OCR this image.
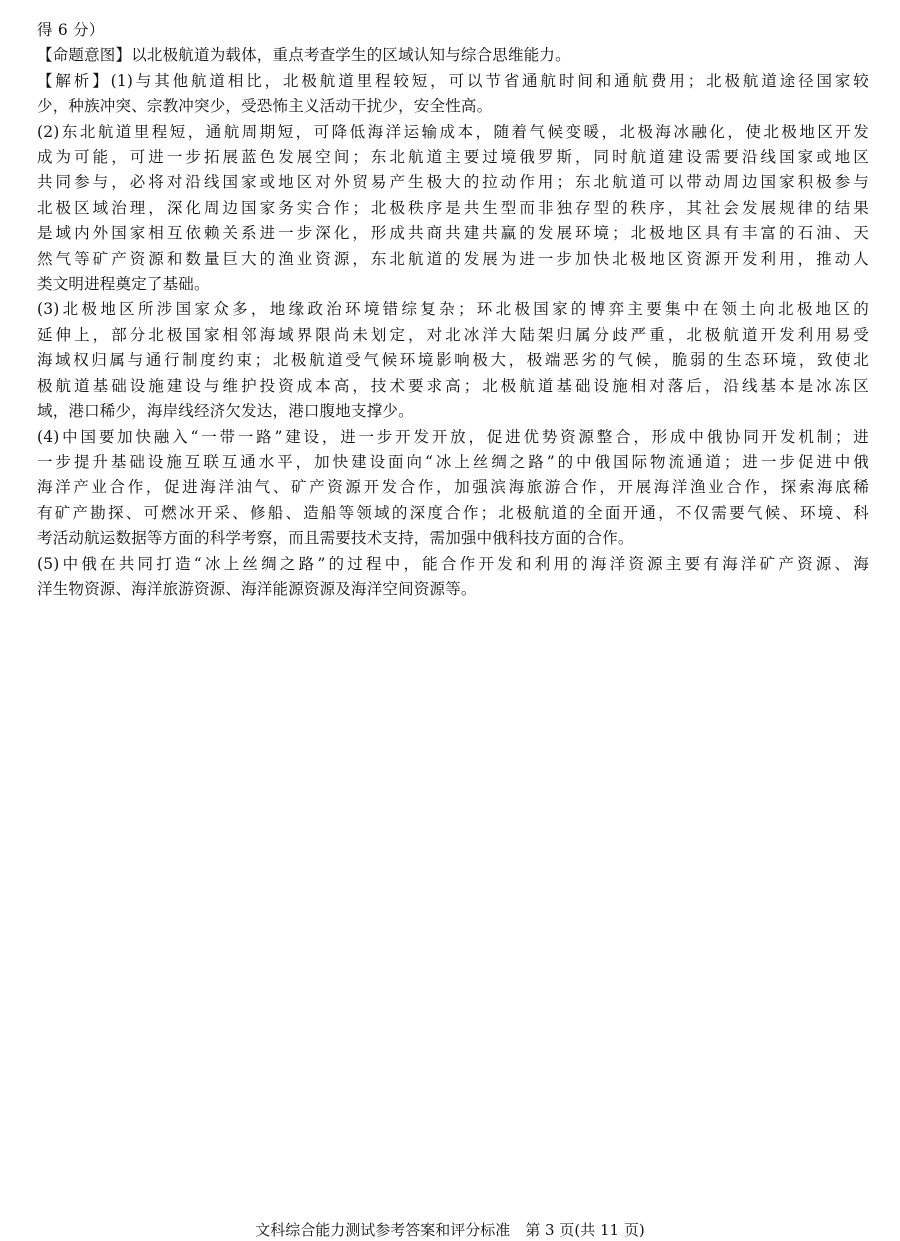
得 6 分）
【命题意图】以北极航道为载体，重点考查学生的区域认知与综合思维能力。
【解析】(1)与其他航道相比，北极航道里程较短，可以节省通航时间和通航费用；北极航道途径国家较
少，种族冲突、宗教冲突少，受恐怖主义活动干扰少，安全性高。
(2)东北航道里程短，通航周期短，可降低海洋运输成本，随着气候变暖，北极海冰融化，使北极地区开发
成为可能，可进一步拓展蓝色发展空间；东北航道主要过境俄罗斯，同时航道建设需要沿线国家或地区
共同参与，必将对沿线国家或地区对外贸易产生极大的拉动作用；东北航道可以带动周边国家积极参与
北极区域治理，深化周边国家务实合作；北极秩序是共生型而非独存型的秩序，其社会发展规律的结果
是域内外国家相互依赖关系进一步深化，形成共商共建共赢的发展环境；北极地区具有丰富的石油、天
然气等矿产资源和数量巨大的渔业资源，东北航道的发展为进一步加快北极地区资源开发利用，推动人
类文明进程奠定了基础。
(3)北极地区所涉国家众多，地缘政治环境错综复杂；环北极国家的博弈主要集中在领土向北极地区的
延伸上，部分北极国家相邻海域界限尚未划定，对北冰洋大陆架归属分歧严重，北极航道开发利用易受
海域权归属与通行制度约束；北极航道受气候环境影响极大，极端恶劣的气候，脆弱的生态环境，致使北
极航道基础设施建设与维护投资成本高，技术要求高；北极航道基础设施相对落后，沿线基本是冰冻区
域，港口稀少，海岸线经济欠发达，港口腹地支撑少。
(4)中国要加快融入“一带一路”建设，进一步开发开放，促进优势资源整合，形成中俄协同开发机制；进
一步提升基础设施互联互通水平，加快建设面向“冰上丝绸之路”的中俄国际物流通道；进一步促进中俄
海洋产业合作，促进海洋油气、矿产资源开发合作，加强滨海旅游合作，开展海洋渔业合作，探索海底稀
有矿产勘探、可燃冰开采、修船、造船等领域的深度合作；北极航道的全面开通，不仅需要气候、环境、科
考活动航运数据等方面的科学考察，而且需要技术支持，需加强中俄科技方面的合作。
(5)中俄在共同打造“冰上丝绸之路”的过程中，能合作开发和利用的海洋资源主要有海洋矿产资源、海
洋生物资源、海洋旅游资源、海洋能源资源及海洋空间资源等。
文科综合能力测试参考答案和评分标准　第 3 页(共 11 页)
